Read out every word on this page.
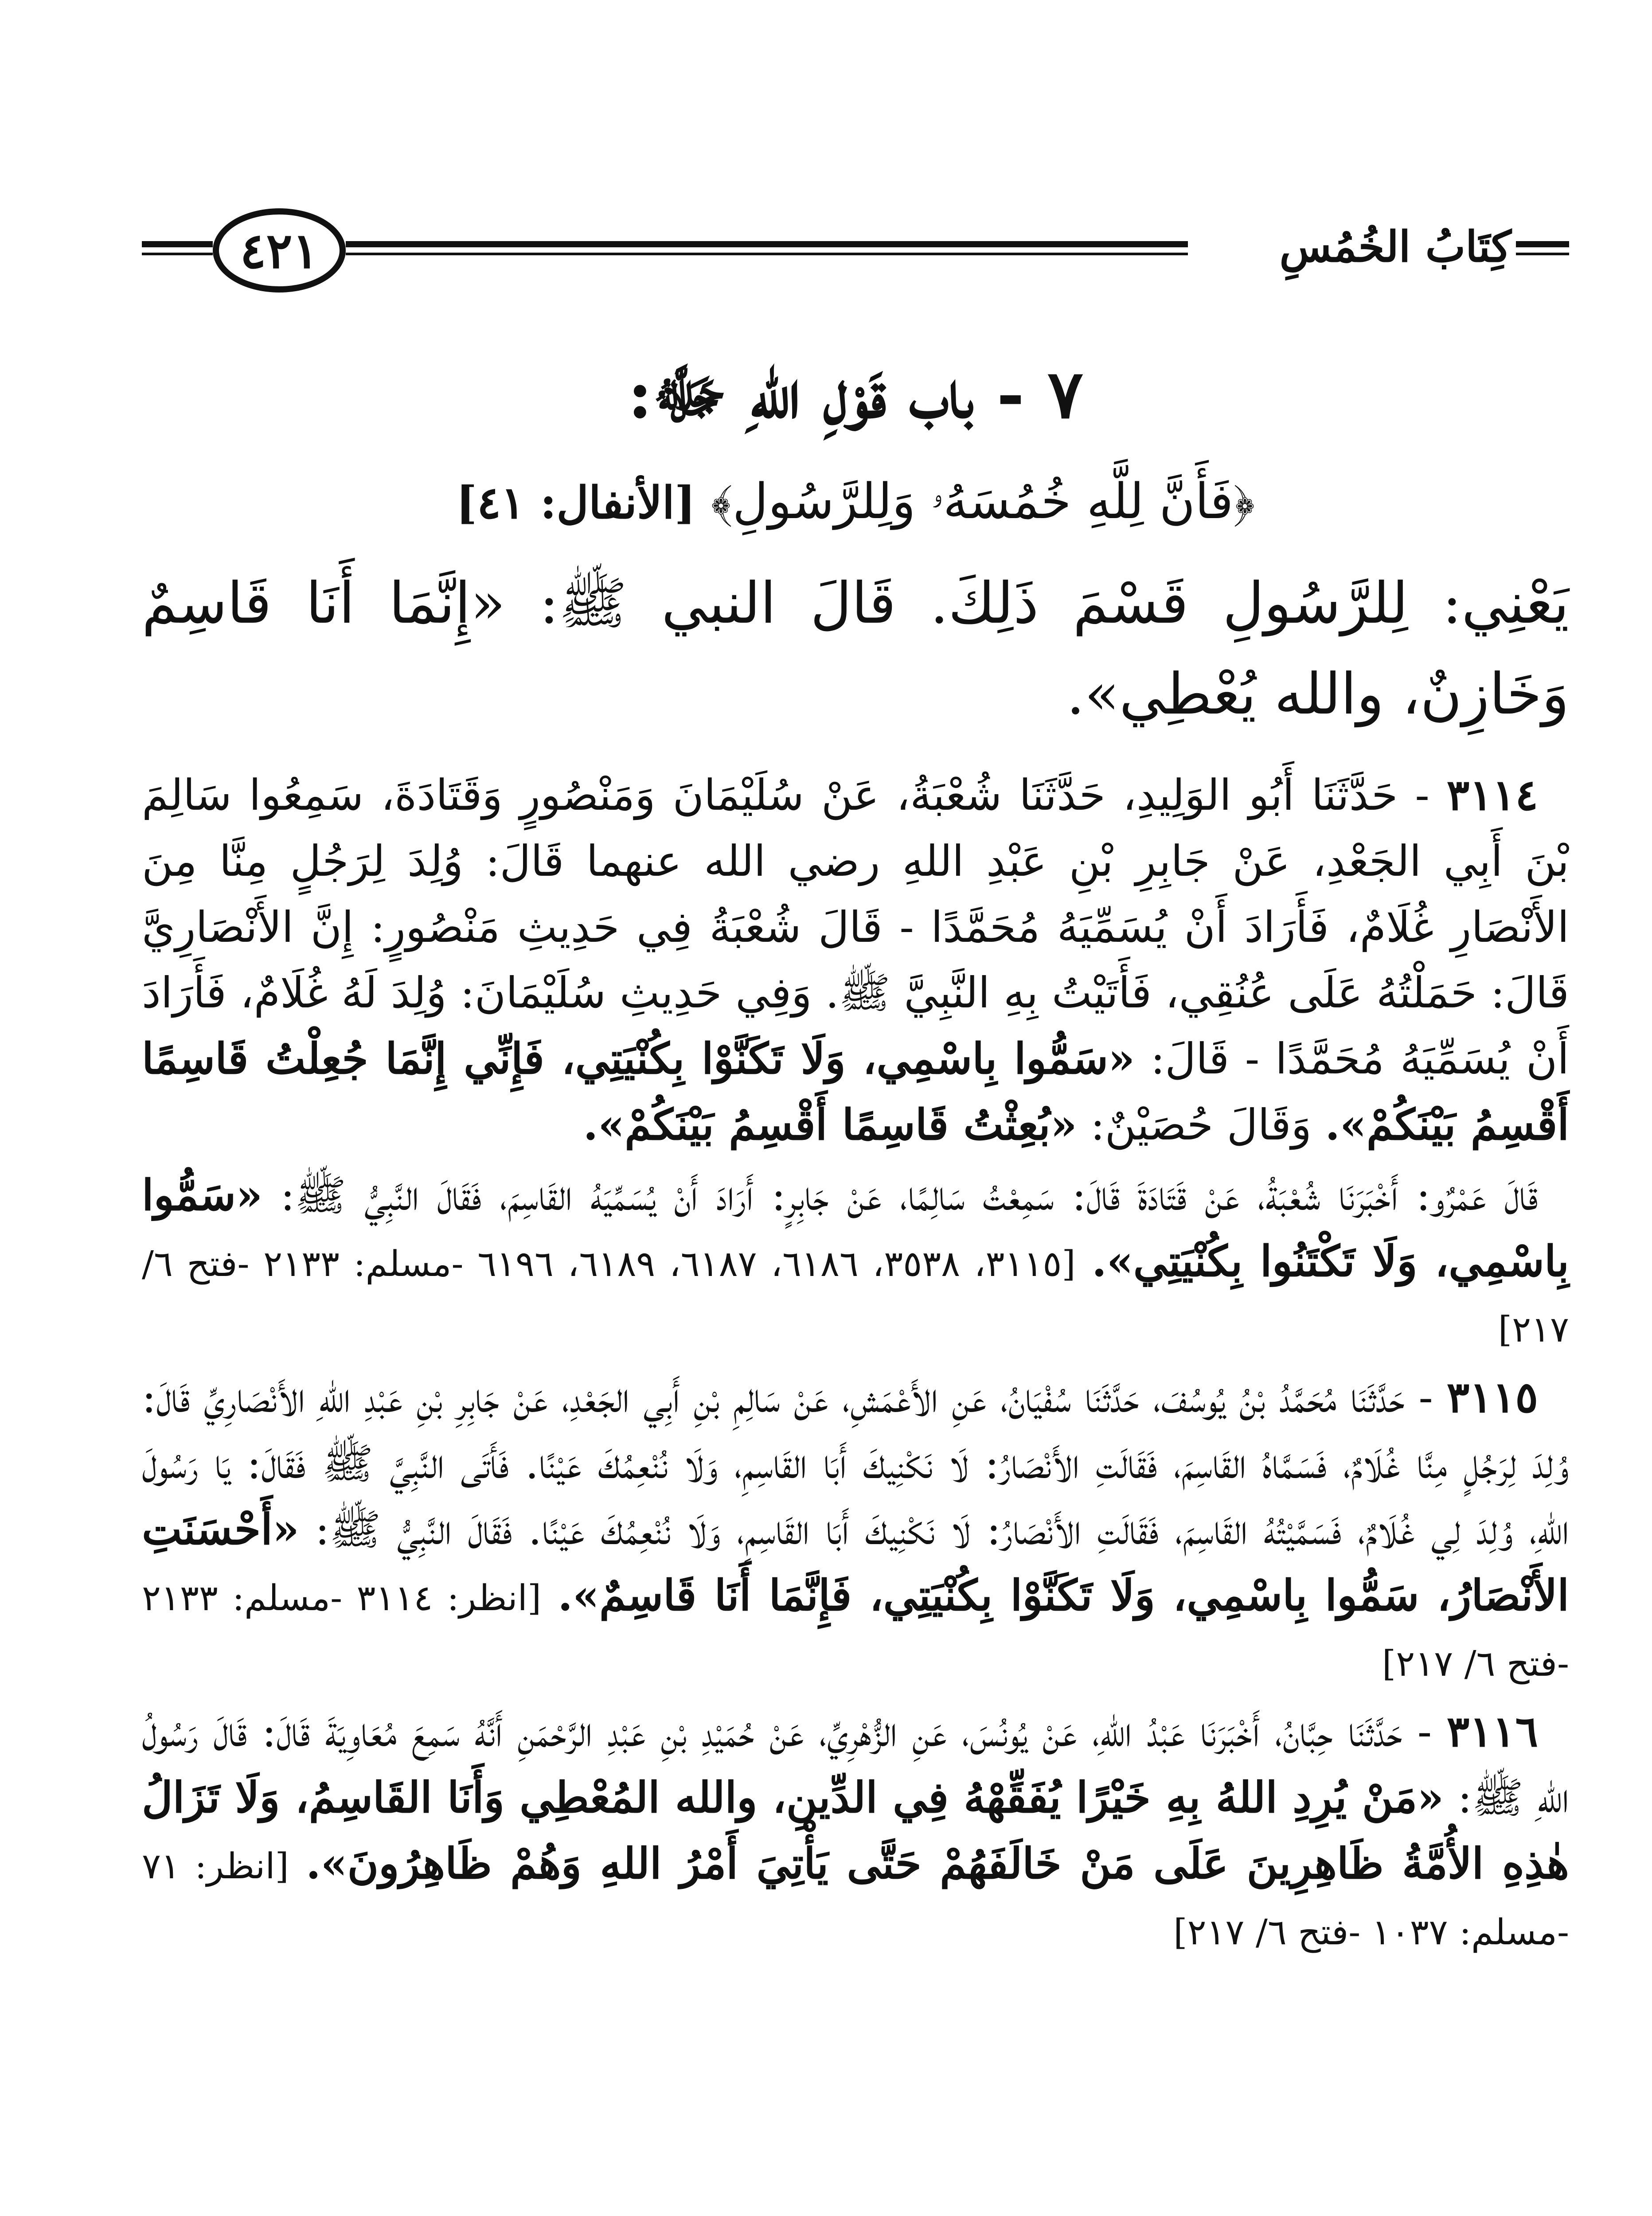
كِتَابُ الخُمُسِ
٤٢١
٧ - باب قَوْلِ اللهِ ﷻ:
﴿فَأَنَّ لِلَّهِ خُمُسَهُۥ وَلِلرَّسُولِ﴾ [الأنفال: ٤١]
يَعْنِي: لِلرَّسُولِ قَسْمَ ذَلِكَ. قَالَ النبي ﷺ: «إِنَّمَا أَنَا قَاسِمٌ وَخَازِنٌ، والله يُعْطِي».

٣١١٤ - حَدَّثَنَا أَبُو الوَلِيدِ، حَدَّثَنَا شُعْبَةُ، عَنْ سُلَيْمَانَ وَمَنْصُورٍ وَقَتَادَةَ، سَمِعُوا سَالِمَ بْنَ أَبِي الجَعْدِ، عَنْ جَابِرِ بْنِ عَبْدِ اللهِ رضي الله عنهما قَالَ: وُلِدَ لِرَجُلٍ مِنَّا مِنَ الأَنْصَارِ غُلَامٌ، فَأَرَادَ أَنْ يُسَمِّيَهُ مُحَمَّدًا - قَالَ شُعْبَةُ فِي حَدِيثِ مَنْصُورٍ: إِنَّ الأَنْصَارِيَّ قَالَ: حَمَلْتُهُ عَلَى عُنُقِي، فَأَتَيْتُ بِهِ النَّبِيَّ ﷺ. وَفِي حَدِيثِ سُلَيْمَانَ: وُلِدَ لَهُ غُلَامٌ، فَأَرَادَ أَنْ يُسَمِّيَهُ مُحَمَّدًا - قَالَ: «سَمُّوا بِاسْمِي، وَلَا تَكَنَّوْا بِكُنْيَتِي، فَإِنِّي إِنَّمَا جُعِلْتُ قَاسِمًا أَقْسِمُ بَيْنَكُمْ». وَقَالَ حُصَيْنٌ: «بُعِثْتُ قَاسِمًا أَقْسِمُ بَيْنَكُمْ».

قَالَ عَمْرٌو: أَخْبَرَنَا شُعْبَةُ، عَنْ قَتَادَةَ قَالَ: سَمِعْتُ سَالِمًا، عَنْ جَابِرٍ: أَرَادَ أَنْ يُسَمِّيَهُ القَاسِمَ، فَقَالَ النَّبِيُّ ﷺ: «سَمُّوا بِاسْمِي، وَلَا تَكْتَنُوا بِكُنْيَتِي». [٣١١٥، ٣٥٣٨، ٦١٨٦، ٦١٨٧، ٦١٨٩، ٦١٩٦ -مسلم: ٢١٣٣ -فتح ٦/ ٢١٧]

٣١١٥ - حَدَّثَنَا مُحَمَّدُ بْنُ يُوسُفَ، حَدَّثَنَا سُفْيَانُ، عَنِ الأَعْمَشِ، عَنْ سَالِمِ بْنِ أَبِي الجَعْدِ، عَنْ جَابِرِ بْنِ عَبْدِ اللهِ الأَنْصَارِيِّ قَالَ: وُلِدَ لِرَجُلٍ مِنَّا غُلَامٌ، فَسَمَّاهُ القَاسِمَ، فَقَالَتِ الأَنْصَارُ: لَا نَكْنِيكَ أَبَا القَاسِمِ، وَلَا نُنْعِمُكَ عَيْنًا. فَأَتَى النَّبِيَّ ﷺ فَقَالَ: يَا رَسُولَ اللهِ، وُلِدَ لِي غُلَامٌ، فَسَمَّيْتُهُ القَاسِمَ، فَقَالَتِ الأَنْصَارُ: لَا نَكْنِيكَ أَبَا القَاسِمِ، وَلَا نُنْعِمُكَ عَيْنًا. فَقَالَ النَّبِيُّ ﷺ: «أَحْسَنَتِ الأَنْصَارُ، سَمُّوا بِاسْمِي، وَلَا تَكَنَّوْا بِكُنْيَتِي، فَإِنَّمَا أَنَا قَاسِمٌ». [انظر: ٣١١٤ -مسلم: ٢١٣٣ -فتح ٦/ ٢١٧]

٣١١٦ - حَدَّثَنَا حِبَّانُ، أَخْبَرَنَا عَبْدُ اللهِ، عَنْ يُونُسَ، عَنِ الزُّهْرِيِّ، عَنْ حُمَيْدِ بْنِ عَبْدِ الرَّحْمَنِ أَنَّهُ سَمِعَ مُعَاوِيَةَ قَالَ: قَالَ رَسُولُ اللهِ ﷺ: «مَنْ يُرِدِ اللهُ بِهِ خَيْرًا يُفَقِّهْهُ فِي الدِّينِ، والله المُعْطِي وَأَنَا القَاسِمُ، وَلَا تَزَالُ هٰذِهِ الأُمَّةُ ظَاهِرِينَ عَلَى مَنْ خَالَفَهُمْ حَتَّى يَأْتِيَ أَمْرُ اللهِ وَهُمْ ظَاهِرُونَ». [انظر: ٧١ -مسلم: ١٠٣٧ -فتح ٦/ ٢١٧]
